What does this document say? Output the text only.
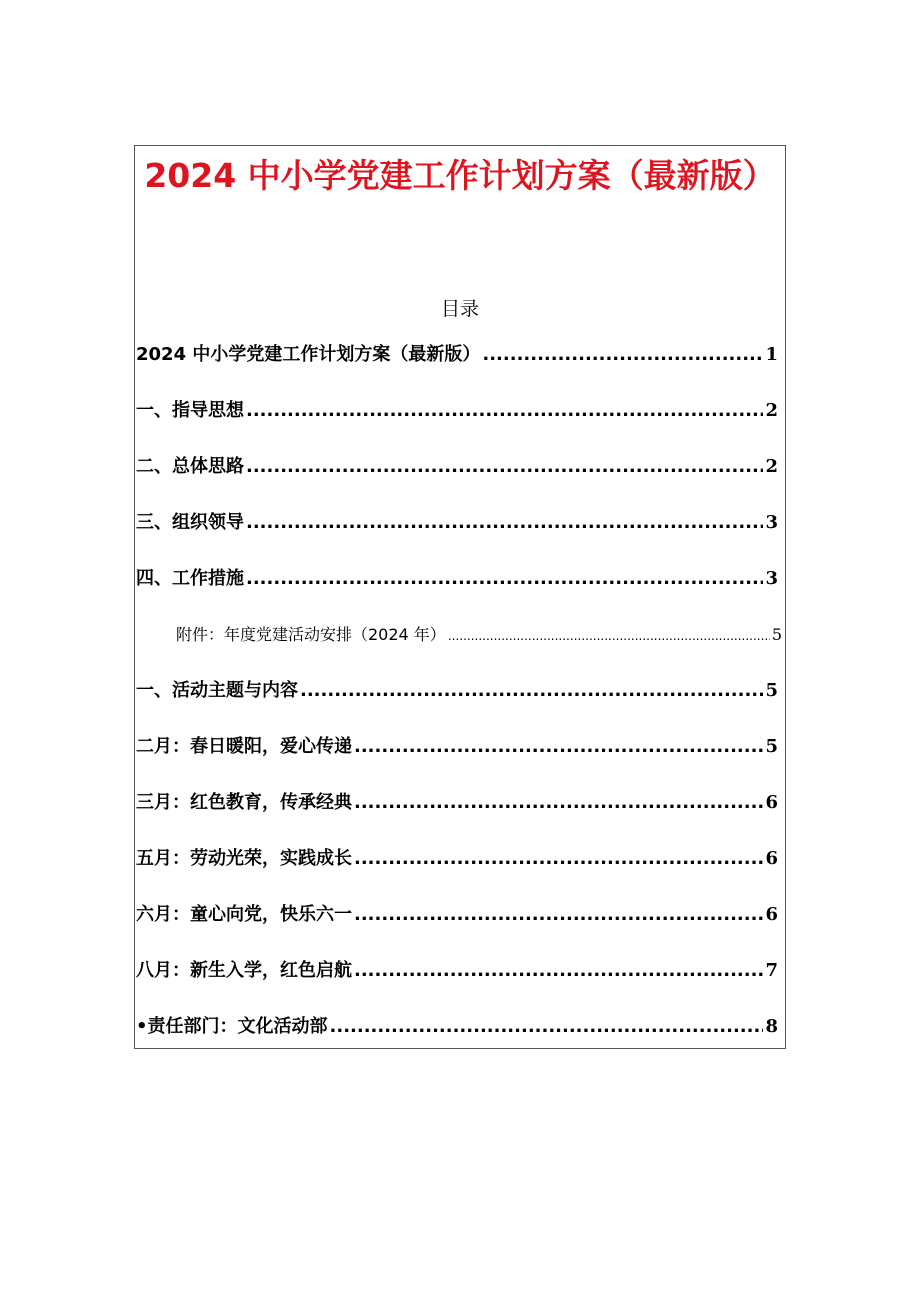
2024 中小学党建工作计划方案（最新版）
目录
2024 中小学党建工作计划方案（最新版） .....	1
一、指导思想 .....	2
二、总体思路 .....	2
三、组织领导 .....	3
四、工作措施 .....	3
附件：年度党建活动安排（2024 年） .....	5
一、活动主题与内容 .....	5
二月：春日暖阳，爱心传递 .....	5
三月：红色教育，传承经典 .....	6
五月：劳动光荣，实践成长 .....	6
六月：童心向党，快乐六一 .....	6
八月：新生入学，红色启航 .....	7
•责任部门：文化活动部 .....	8
